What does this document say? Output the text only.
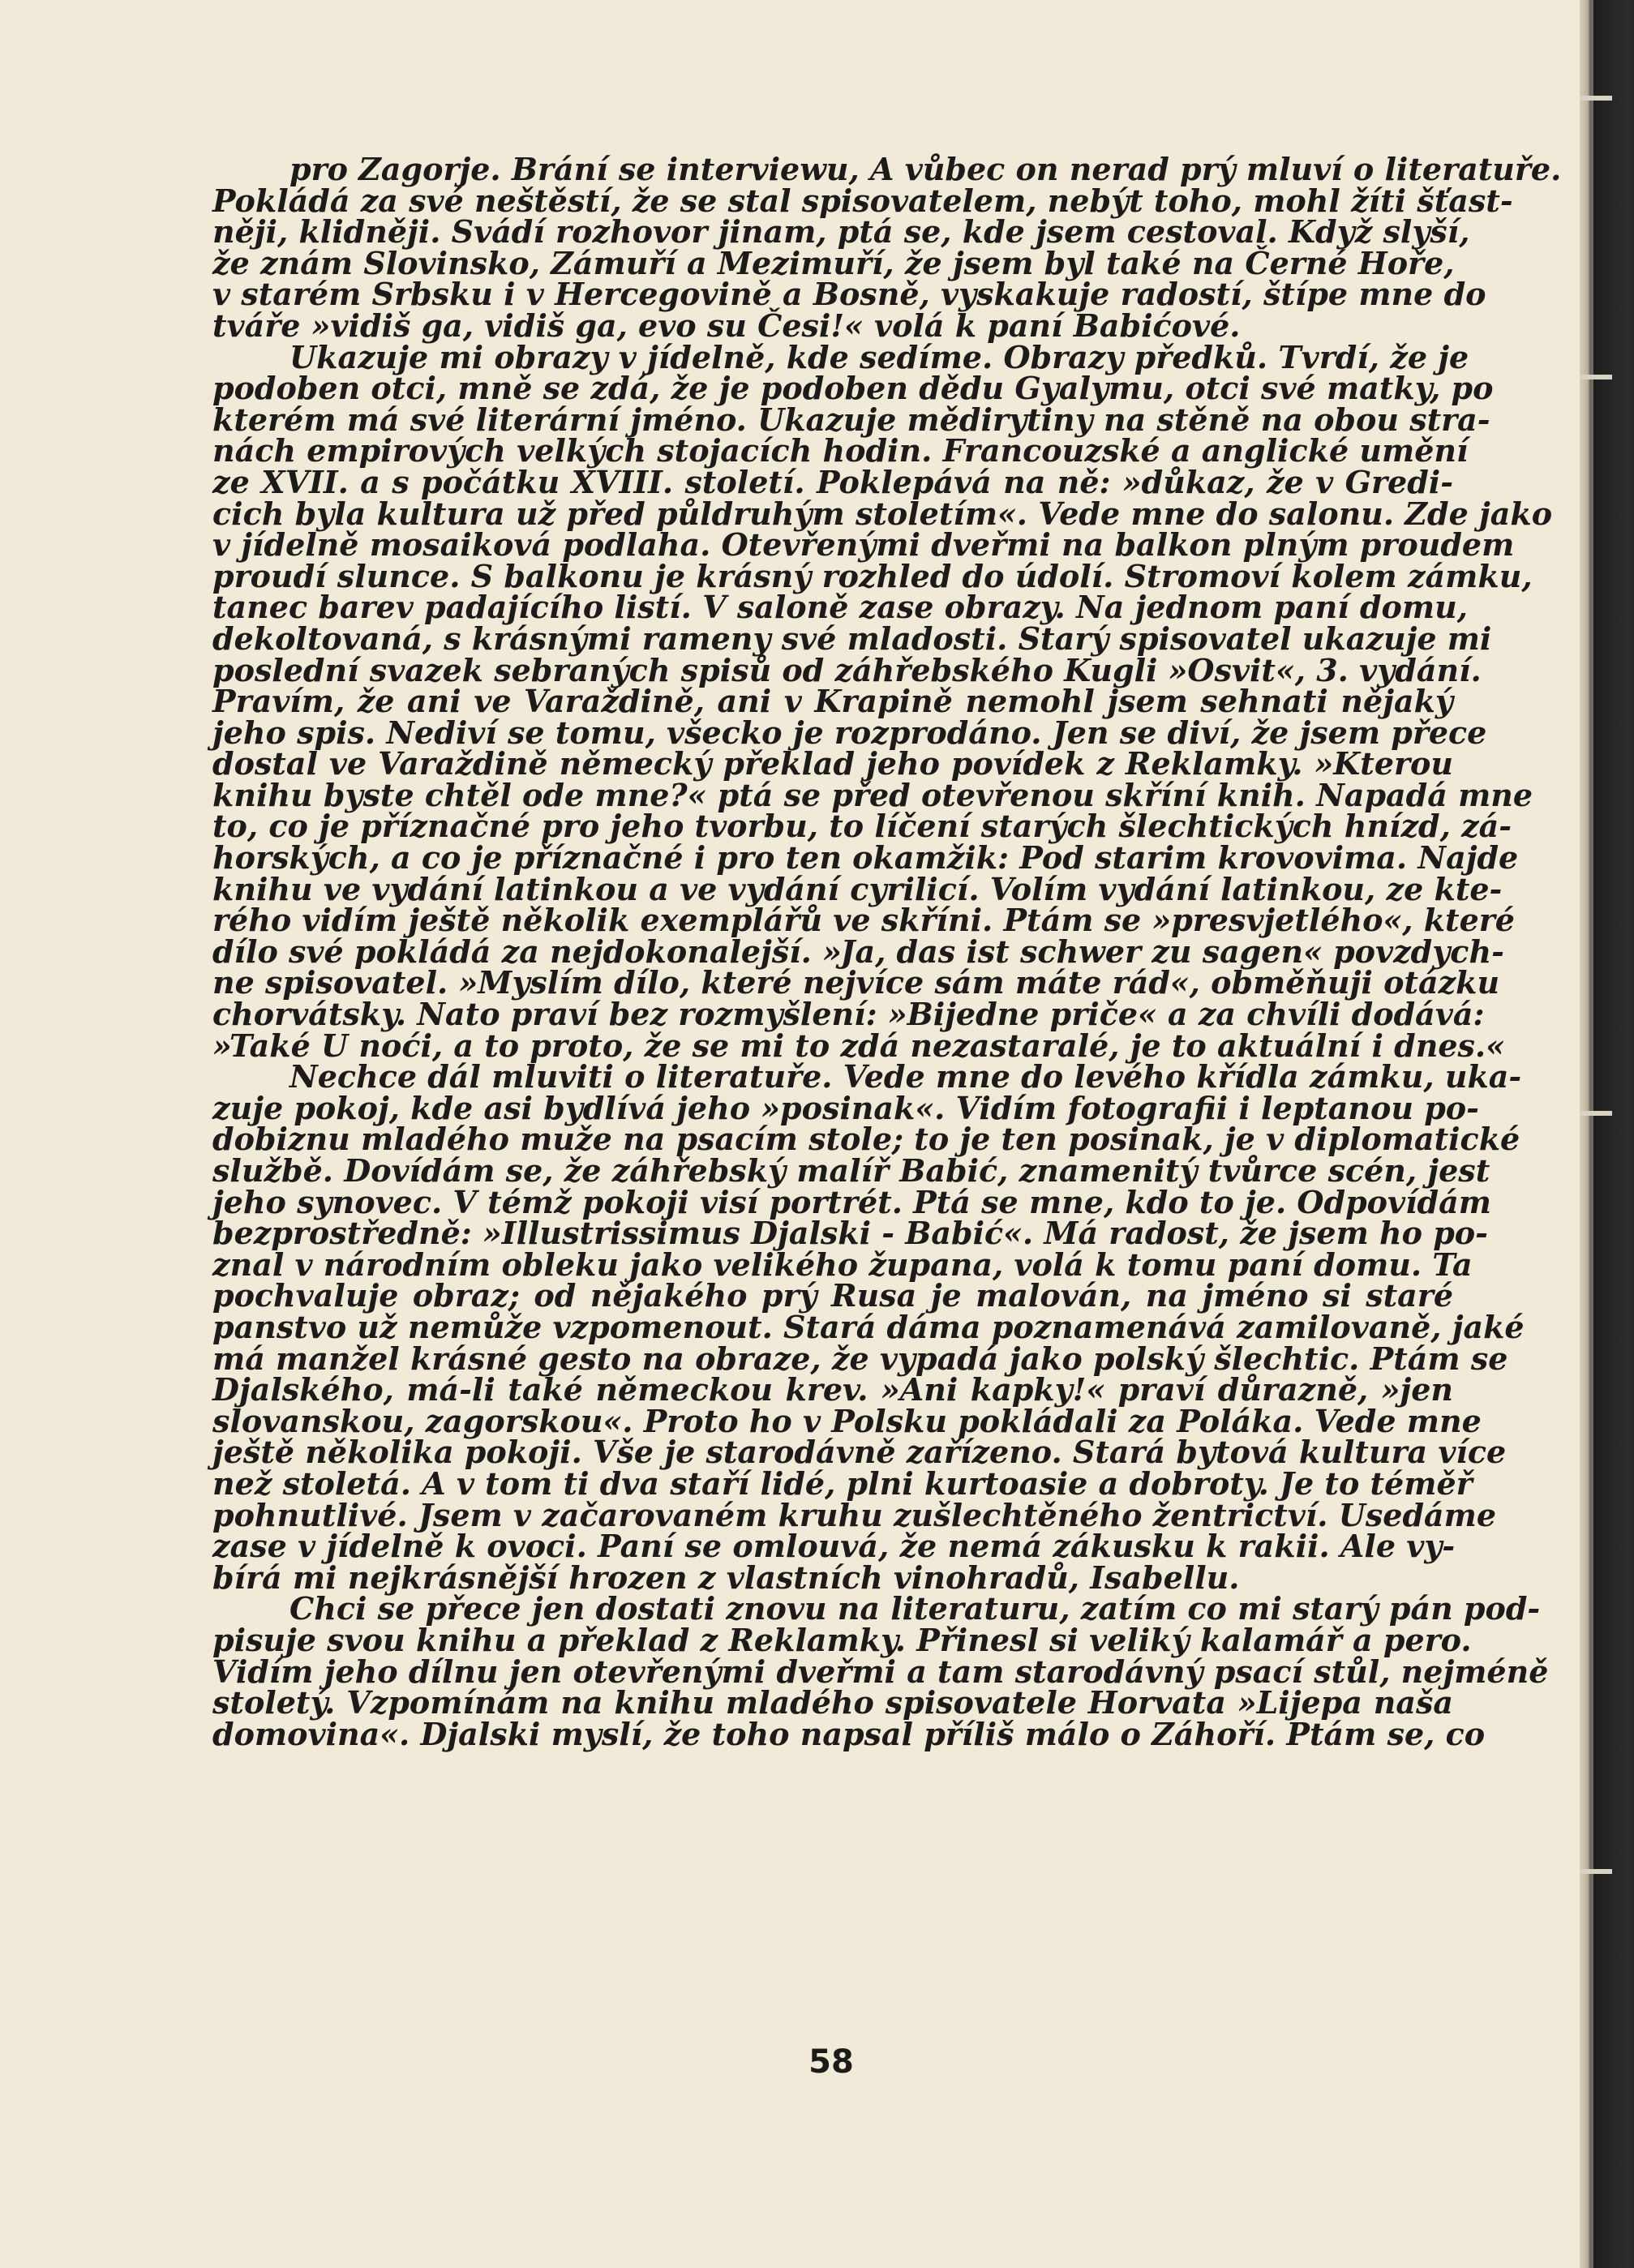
pro Zagorje. Brání se interviewu, A vůbec on nerad prý mluví o literatuře.
Pokládá za své neštěstí, že se stal spisovatelem, nebýt toho, mohl žíti šťast-
něji, klidněji. Svádí rozhovor jinam, ptá se, kde jsem cestoval. Když slyší,
že znám Slovinsko, Zámuří a Mezimuří, že jsem byl také na Černé Hoře,
v starém Srbsku i v Hercegovině a Bosně, vyskakuje radostí, štípe mne do
tváře »vidiš ga, vidiš ga, evo su Česi!« volá k paní Babićové.

Ukazuje mi obrazy v jídelně, kde sedíme. Obrazy předků. Tvrdí, že je
podoben otci, mně se zdá, že je podoben dědu Gyalymu, otci své matky, po
kterém má své literární jméno. Ukazuje mědirytiny na stěně na obou stra-
nách empirových velkých stojacích hodin. Francouzské a anglické umění
ze XVII. a s počátku XVIII. století. Poklepává na ně: »důkaz, že v Gredi-
cich byla kultura už před půldruhým stoletím«. Vede mne do salonu. Zde jako
v jídelně mosaiková podlaha. Otevřenými dveřmi na balkon plným proudem
proudí slunce. S balkonu je krásný rozhled do údolí. Stromoví kolem zámku,
tanec barev padajícího listí. V saloně zase obrazy. Na jednom paní domu,
dekoltovaná, s krásnými rameny své mladosti. Starý spisovatel ukazuje mi
poslední svazek sebraných spisů od záhřebského Kugli »Osvit«, 3. vydání.
Pravím, že ani ve Varaždině, ani v Krapině nemohl jsem sehnati nějaký
jeho spis. Nediví se tomu, všecko je rozprodáno. Jen se diví, že jsem přece
dostal ve Varaždině německý překlad jeho povídek z Reklamky. »Kterou
knihu byste chtěl ode mne?« ptá se před otevřenou skříní knih. Napadá mne
to, co je příznačné pro jeho tvorbu, to líčení starých šlechtických hnízd, zá-
horských, a co je příznačné i pro ten okamžik: Pod starim krovovima. Najde
knihu ve vydání latinkou a ve vydání cyrilicí. Volím vydání latinkou, ze kte-
rého vidím ještě několik exemplářů ve skříni. Ptám se »presvjetlého«, které
dílo své pokládá za nejdokonalejší. »Ja, das ist schwer zu sagen« povzdych-
ne spisovatel. »Myslím dílo, které nejvíce sám máte rád«, obměňuji otázku
chorvátsky. Nato praví bez rozmyšlení: »Bijedne priče« a za chvíli dodává:
»Také U noći, a to proto, že se mi to zdá nezastaralé, je to aktuální i dnes.«

Nechce dál mluviti o literatuře. Vede mne do levého křídla zámku, uka-
zuje pokoj, kde asi bydlívá jeho »posinak«. Vidím fotografii i leptanou po-
dobiznu mladého muže na psacím stole; to je ten posinak, je v diplomatické
službě. Dovídám se, že záhřebský malíř Babić, znamenitý tvůrce scén, jest
jeho synovec. V témž pokoji visí portrét. Ptá se mne, kdo to je. Odpovídám
bezprostředně: »Illustrissimus Djalski - Babić«. Má radost, že jsem ho po-
znal v národním obleku jako velikého župana, volá k tomu paní domu. Ta
pochvaluje obraz; od nějakého prý Rusa je malován, na jméno si staré
panstvo už nemůže vzpomenout. Stará dáma poznamenává zamilovaně, jaké
má manžel krásné gesto na obraze, že vypadá jako polský šlechtic. Ptám se
Djalského, má-li také německou krev. »Ani kapky!« praví důrazně, »jen
slovanskou, zagorskou«. Proto ho v Polsku pokládali za Poláka. Vede mne
ještě několika pokoji. Vše je starodávně zařízeno. Stará bytová kultura více
než stoletá. A v tom ti dva staří lidé, plni kurtoasie a dobroty. Je to téměř
pohnutlivé. Jsem v začarovaném kruhu zušlechtěného žentrictví. Usedáme
zase v jídelně k ovoci. Paní se omlouvá, že nemá zákusku k rakii. Ale vy-
bírá mi nejkrásnější hrozen z vlastních vinohradů, Isabellu.

Chci se přece jen dostati znovu na literaturu, zatím co mi starý pán pod-
pisuje svou knihu a překlad z Reklamky. Přinesl si veliký kalamář a pero.
Vidím jeho dílnu jen otevřenými dveřmi a tam starodávný psací stůl, nejméně
stoletý. Vzpomínám na knihu mladého spisovatele Horvata »Lijepa naša
domovina«. Djalski myslí, že toho napsal příliš málo o Záhoří. Ptám se, co

58
